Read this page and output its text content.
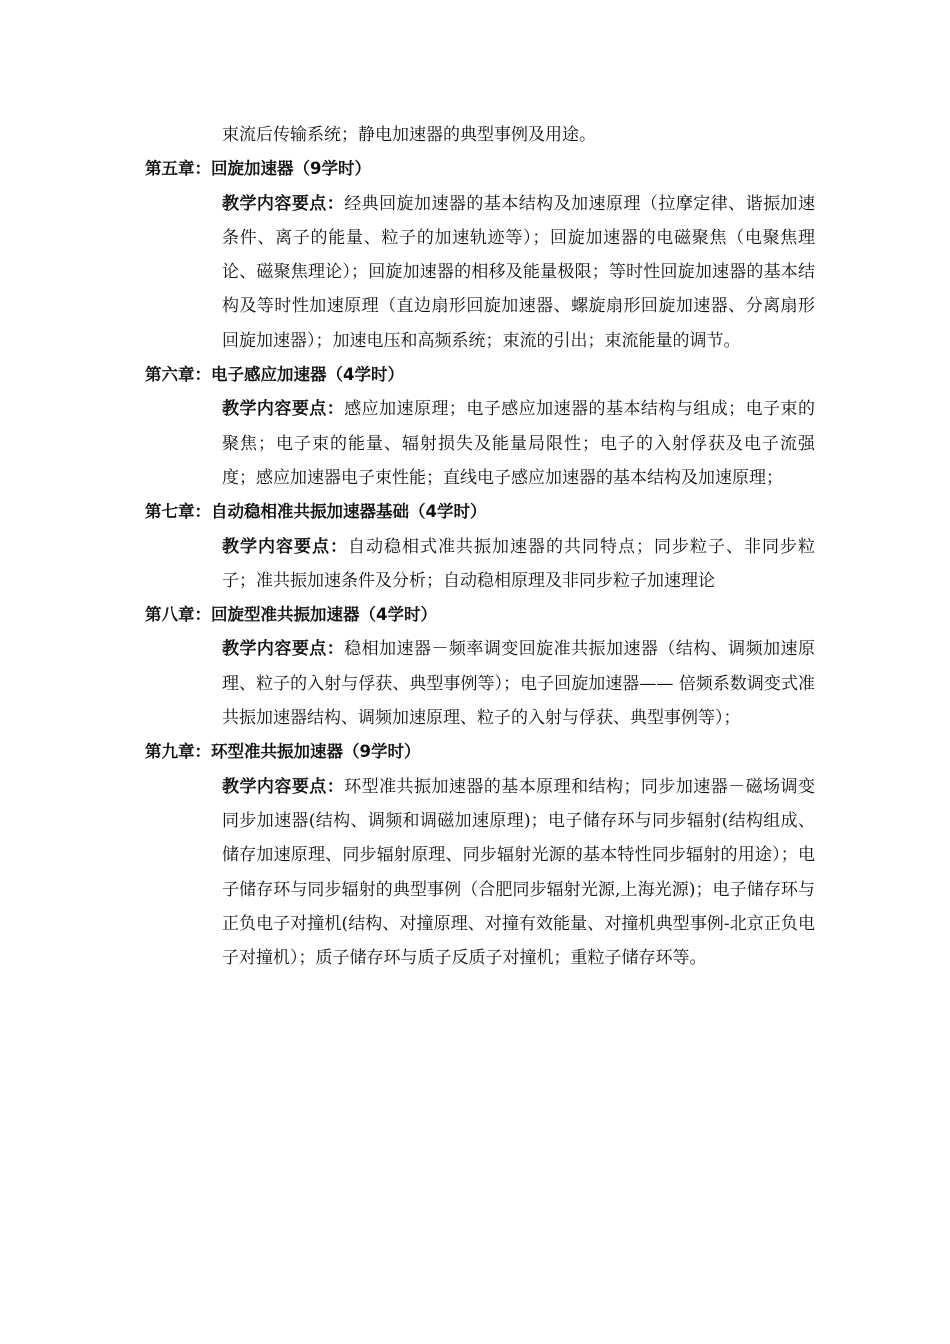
束流后传输系统；静电加速器的典型事例及用途。

第五章：回旋加速器（9学时）

教学内容要点：经典回旋加速器的基本结构及加速原理（拉摩定律、谐振加速条件、离子的能量、粒子的加速轨迹等）；回旋加速器的电磁聚焦（电聚焦理论、磁聚焦理论）；回旋加速器的相移及能量极限；等时性回旋加速器的基本结构及等时性加速原理（直边扇形回旋加速器、螺旋扇形回旋加速器、分离扇形回旋加速器）；加速电压和高频系统；束流的引出；束流能量的调节。

第六章：电子感应加速器（4学时）

教学内容要点：感应加速原理；电子感应加速器的基本结构与组成；电子束的聚焦；电子束的能量、辐射损失及能量局限性；电子的入射俘获及电子流强度；感应加速器电子束性能；直线电子感应加速器的基本结构及加速原理；

第七章：自动稳相准共振加速器基础（4学时）

教学内容要点：自动稳相式准共振加速器的共同特点；同步粒子、非同步粒子；准共振加速条件及分析；自动稳相原理及非同步粒子加速理论

第八章：回旋型准共振加速器（4学时）

教学内容要点：稳相加速器－频率调变回旋准共振加速器（结构、调频加速原理、粒子的入射与俘获、典型事例等）；电子回旋加速器—— 倍频系数调变式准共振加速器结构、调频加速原理、粒子的入射与俘获、典型事例等）；

第九章：环型准共振加速器（9学时）

教学内容要点：环型准共振加速器的基本原理和结构；同步加速器－磁场调变同步加速器(结构、调频和调磁加速原理)；电子储存环与同步辐射(结构组成、储存加速原理、同步辐射原理、同步辐射光源的基本特性同步辐射的用途）；电子储存环与同步辐射的典型事例（合肥同步辐射光源,上海光源)；电子储存环与正负电子对撞机(结构、对撞原理、对撞有效能量、对撞机典型事例-北京正负电子对撞机）；质子储存环与质子反质子对撞机；重粒子储存环等。
